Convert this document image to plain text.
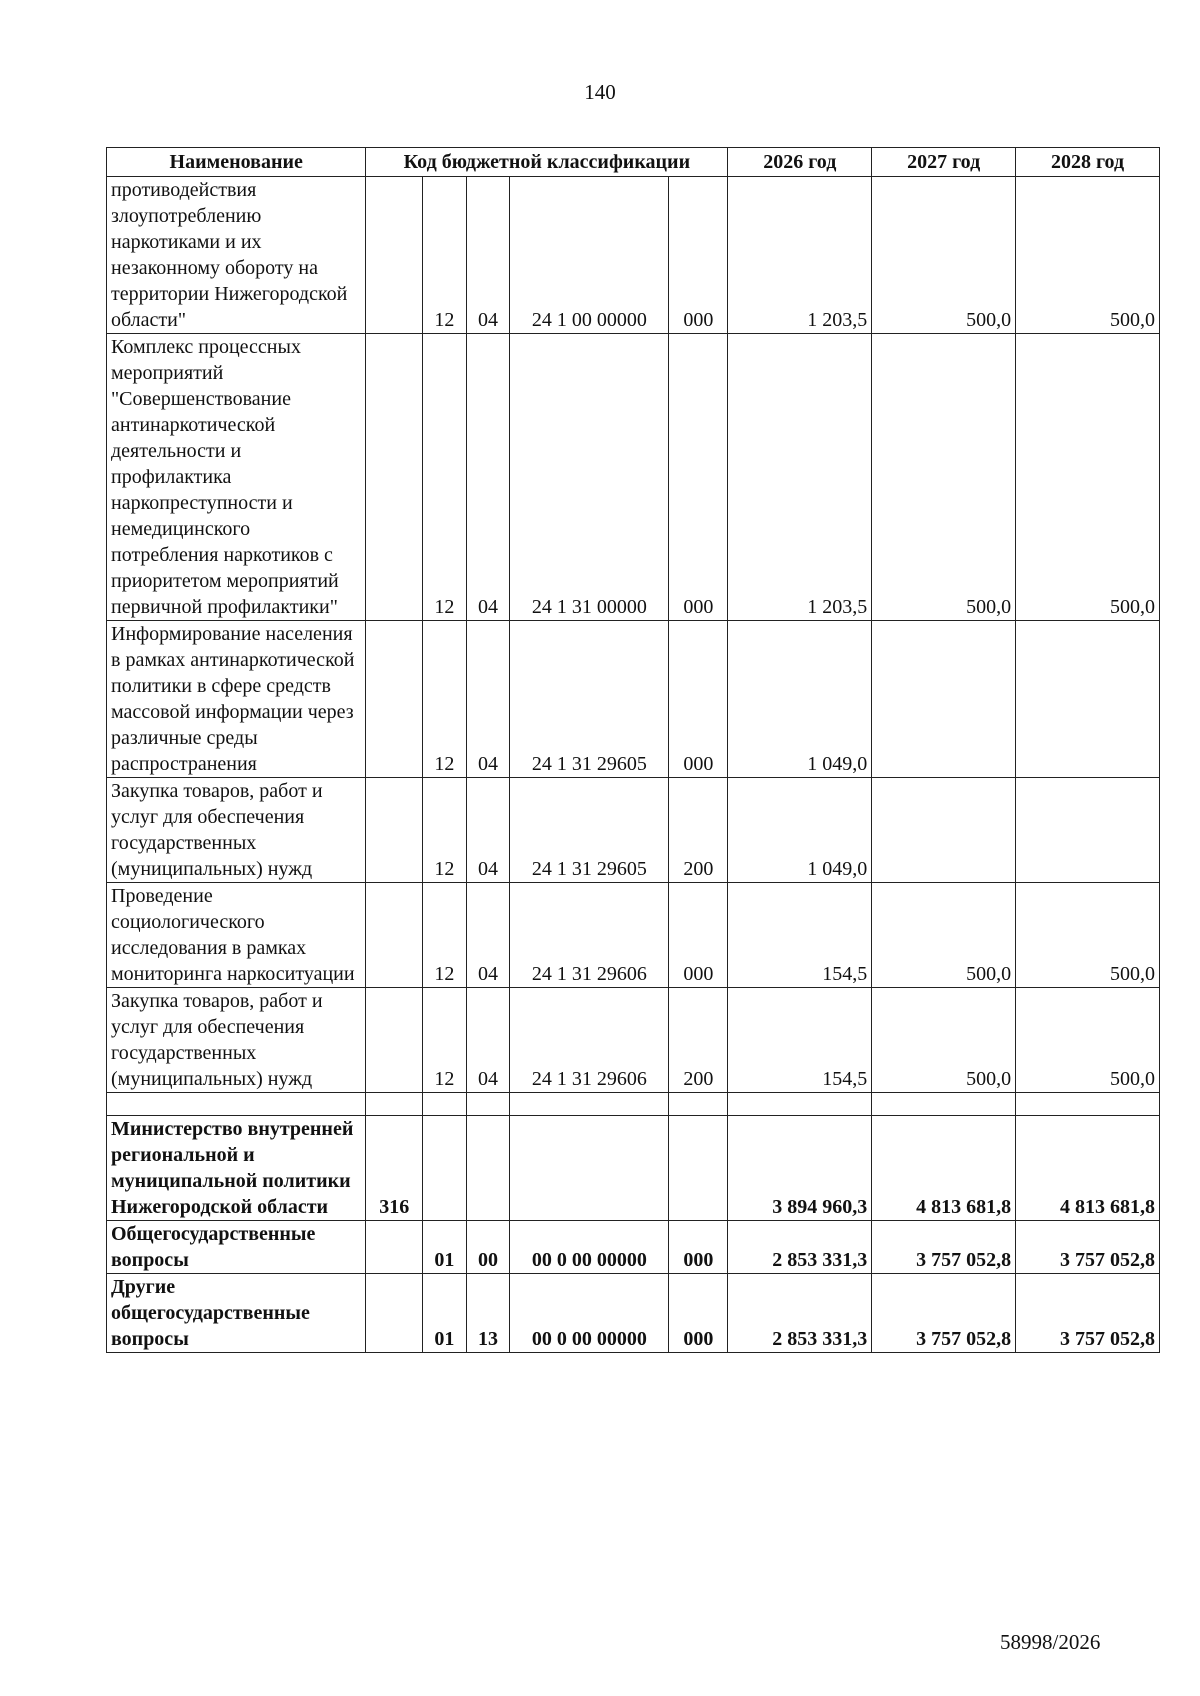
140
Наименование	Код бюджетной классификации					2026 год	2027 год	2028 год

противодействия злоупотреблению наркотиками и их незаконному обороту на территории Нижегородской области"		12	04	24 1 00 00000	000	1 203,5	500,0	500,0

Комплекс процессных мероприятий "Совершенствование антинаркотической деятельности и профилактика наркопреступности и немедицинского потребления наркотиков с приоритетом мероприятий первичной профилактики"		12	04	24 1 31 00000	000	1 203,5	500,0	500,0

Информирование населения в рамках антинаркотической политики в сфере средств массовой информации через различные среды распространения		12	04	24 1 31 29605	000	1 049,0		

Закупка товаров, работ и услуг для обеспечения государственных (муниципальных) нужд		12	04	24 1 31 29605	200	1 049,0		

Проведение социологического исследования в рамках мониторинга наркоситуации		12	04	24 1 31 29606	000	154,5	500,0	500,0

Закупка товаров, работ и услуг для обеспечения государственных (муниципальных) нужд		12	04	24 1 31 29606	200	154,5	500,0	500,0

Министерство внутренней региональной и муниципальной политики Нижегородской области	316					3 894 960,3	4 813 681,8	4 813 681,8

Общегосударственные вопросы		01	00	00 0 00 00000	000	2 853 331,3	3 757 052,8	3 757 052,8

Другие общегосударственные вопросы		01	13	00 0 00 00000	000	2 853 331,3	3 757 052,8	3 757 052,8
58998/2026
